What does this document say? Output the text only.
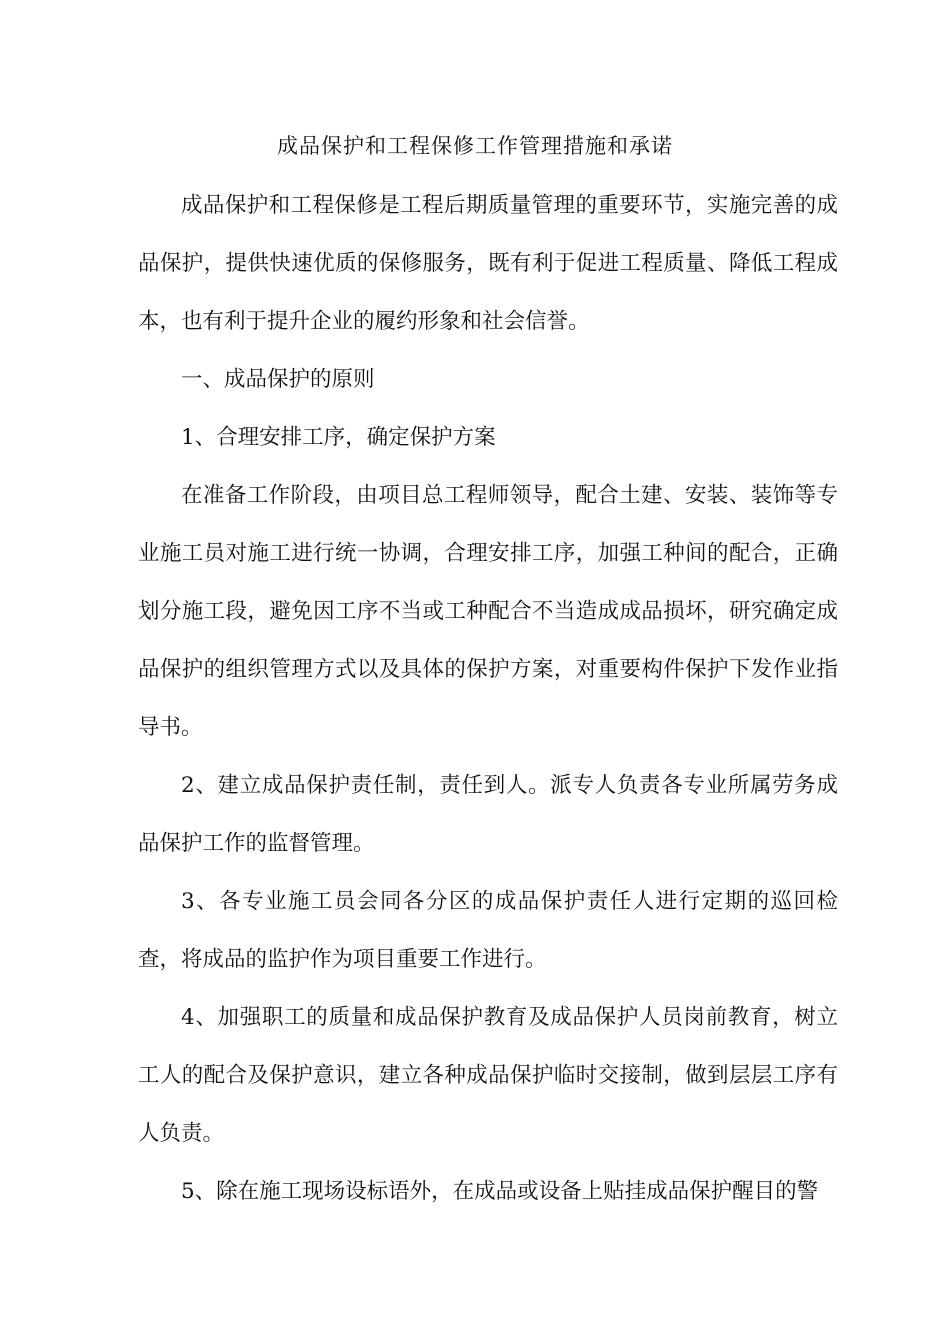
成品保护和工程保修工作管理措施和承诺

成品保护和工程保修是工程后期质量管理的重要环节，实施完善的成品保护，提供快速优质的保修服务，既有利于促进工程质量、降低工程成本，也有利于提升企业的履约形象和社会信誉。

一、成品保护的原则

1、合理安排工序，确定保护方案

在准备工作阶段，由项目总工程师领导，配合土建、安装、装饰等专业施工员对施工进行统一协调，合理安排工序，加强工种间的配合，正确划分施工段，避免因工序不当或工种配合不当造成成品损坏，研究确定成品保护的组织管理方式以及具体的保护方案，对重要构件保护下发作业指导书。

2、建立成品保护责任制，责任到人。派专人负责各专业所属劳务成品保护工作的监督管理。

3、各专业施工员会同各分区的成品保护责任人进行定期的巡回检查，将成品的监护作为项目重要工作进行。

4、加强职工的质量和成品保护教育及成品保护人员岗前教育，树立工人的配合及保护意识，建立各种成品保护临时交接制，做到层层工序有人负责。

5、除在施工现场设标语外，在成品或设备上贴挂成品保护醒目的警
